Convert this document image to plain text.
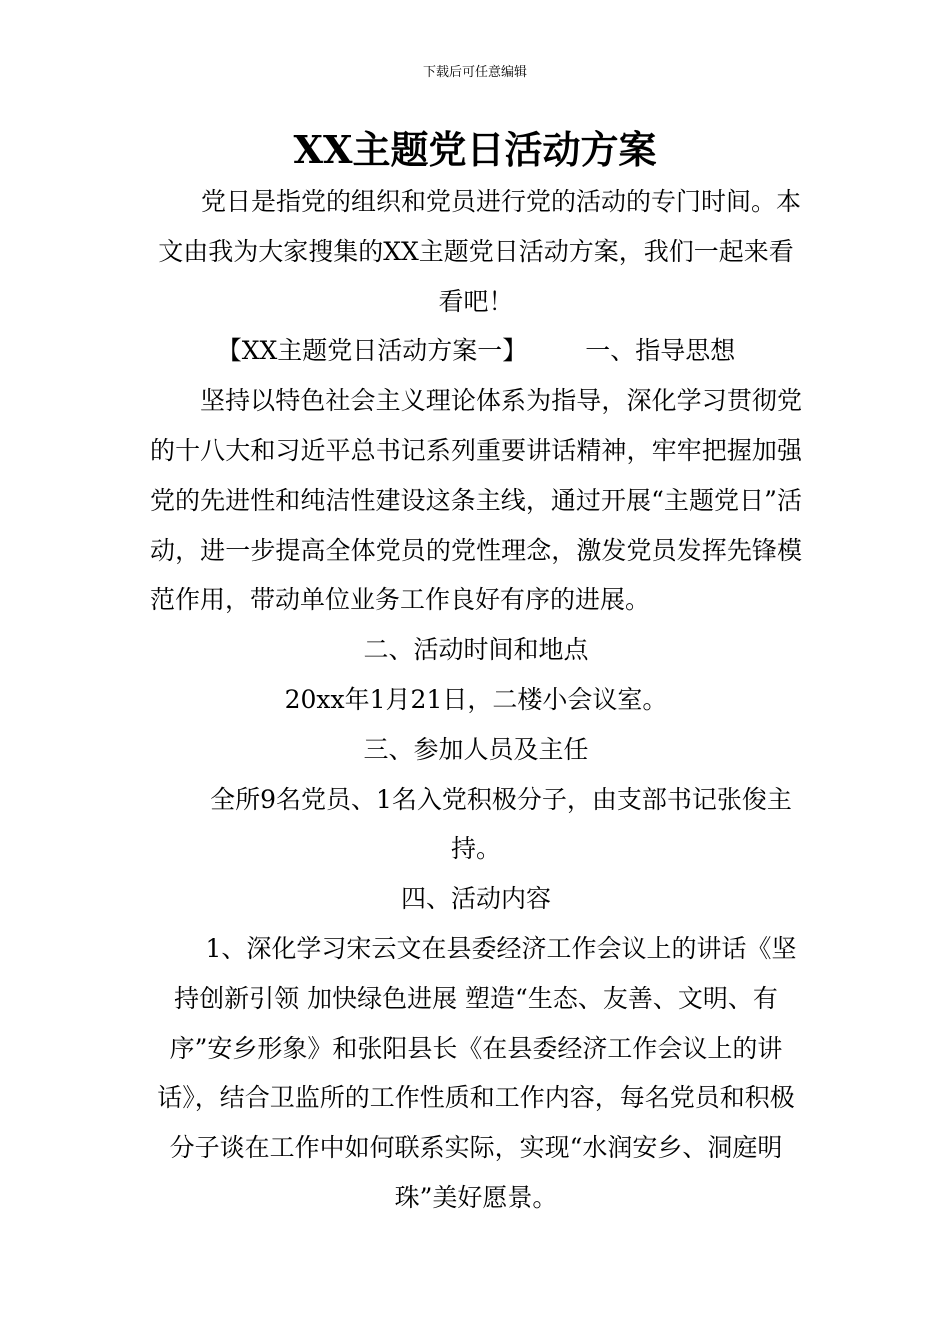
下载后可任意编辑
XX主题党日活动方案

党日是指党的组织和党员进行党的活动的专门时间。本文由我为大家搜集的XX主题党日活动方案，我们一起来看看吧！

【XX主题党日活动方案一】 一、指导思想

坚持以特色社会主义理论体系为指导，深化学习贯彻党的十八大和习近平总书记系列重要讲话精神，牢牢把握加强党的先进性和纯洁性建设这条主线，通过开展“主题党日”活动，进一步提高全体党员的党性理念，激发党员发挥先锋模范作用，带动单位业务工作良好有序的进展。

二、活动时间和地点

20xx年1月21日，二楼小会议室。

三、参加人员及主任

全所9名党员、1名入党积极分子，由支部书记张俊主持。

四、活动内容

1、深化学习宋云文在县委经济工作会议上的讲话《坚持创新引领 加快绿色进展 塑造“生态、友善、文明、有序”安乡形象》和张阳县长《在县委经济工作会议上的讲话》，结合卫监所的工作性质和工作内容，每名党员和积极分子谈在工作中如何联系实际，实现“水润安乡、洞庭明珠”美好愿景。
